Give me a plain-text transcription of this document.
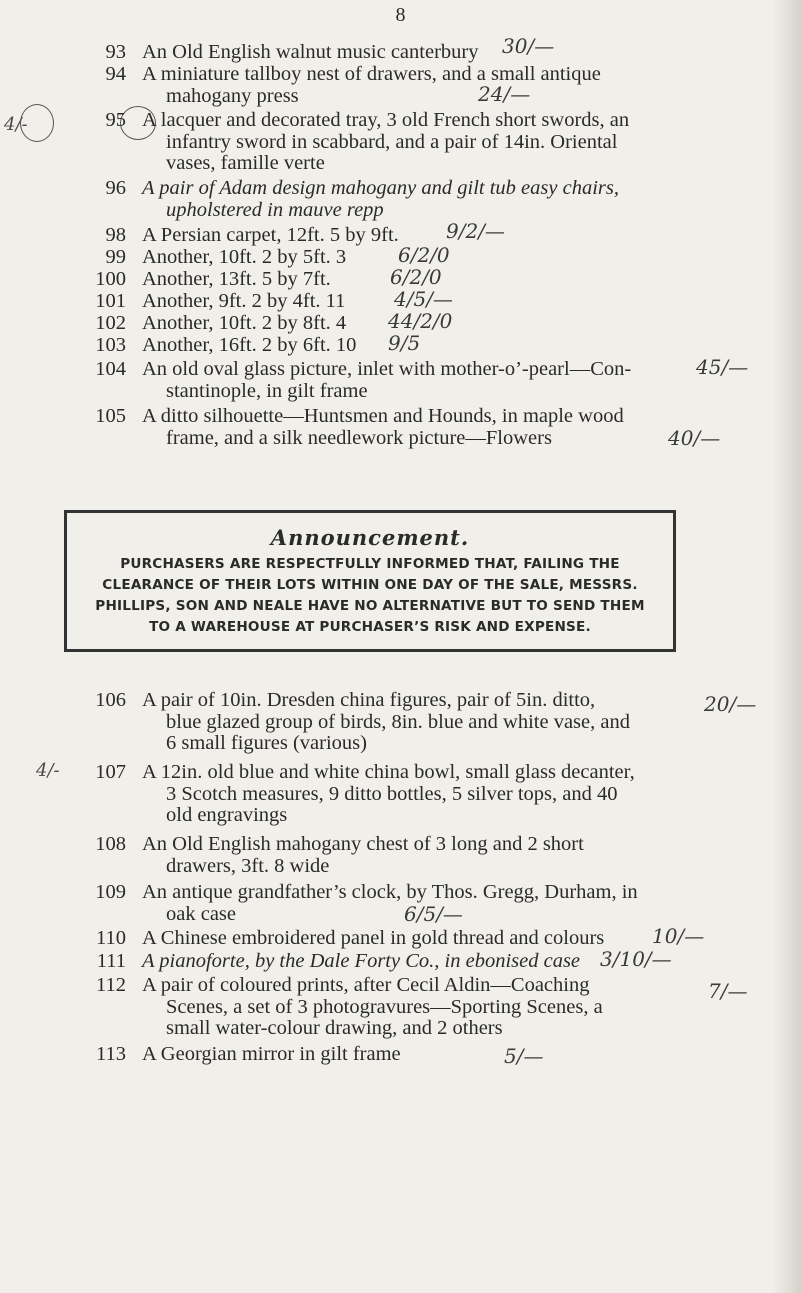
8
93 An Old English walnut music canterbury	30/—
94 A miniature tallboy nest of drawers, and a small antique
mahogany press	24/—
4/-	95 A lacquer and decorated tray, 3 old French short swords, an
infantry sword in scabbard, and a pair of 14in. Oriental
vases, famille verte
96 A pair of Adam design mahogany and gilt tub easy chairs,
upholstered in mauve repp
98 A Persian carpet, 12ft. 5 by 9ft.	9/2/—
99 Another, 10ft. 2 by 5ft. 3	6/2/0
100 Another, 13ft. 5 by 7ft.	6/2/0
101 Another, 9ft. 2 by 4ft. 11	4/5/—
102 Another, 10ft. 2 by 8ft. 4	44/2/0
103 Another, 16ft. 2 by 6ft. 10	9/5
104 An old oval glass picture, inlet with mother-o’-pearl—Con-
stantinople, in gilt frame
45/—
105 A ditto silhouette—Huntsmen and Hounds, in maple wood
frame, and a silk needlework picture—Flowers	40/—
Announcement.
PURCHASERS ARE RESPECTFULLY INFORMED THAT, FAILING THE
CLEARANCE OF THEIR LOTS WITHIN ONE DAY OF THE SALE, MESSRS.
PHILLIPS, SON AND NEALE HAVE NO ALTERNATIVE BUT TO SEND THEM
TO A WAREHOUSE AT PURCHASER’S RISK AND EXPENSE.
106 A pair of 10in. Dresden china figures, pair of 5in. ditto,
blue glazed group of birds, 8in. blue and white vase, and
6 small figures (various)
20/—
4/-	107 A 12in. old blue and white china bowl, small glass decanter,
3 Scotch measures, 9 ditto bottles, 5 silver tops, and 40
old engravings
108 An Old English mahogany chest of 3 long and 2 short
drawers, 3ft. 8 wide
109 An antique grandfather’s clock, by Thos. Gregg, Durham, in
oak case	6/5/—
110 A Chinese embroidered panel in gold thread and colours	10/—
111 A pianoforte, by the Dale Forty Co., in ebonised case 3/10/—
112 A pair of coloured prints, after Cecil Aldin—Coaching
Scenes, a set of 3 photogravures—Sporting Scenes, a
small water-colour drawing, and 2 others
7/—
113 A Georgian mirror in gilt frame	5/—
